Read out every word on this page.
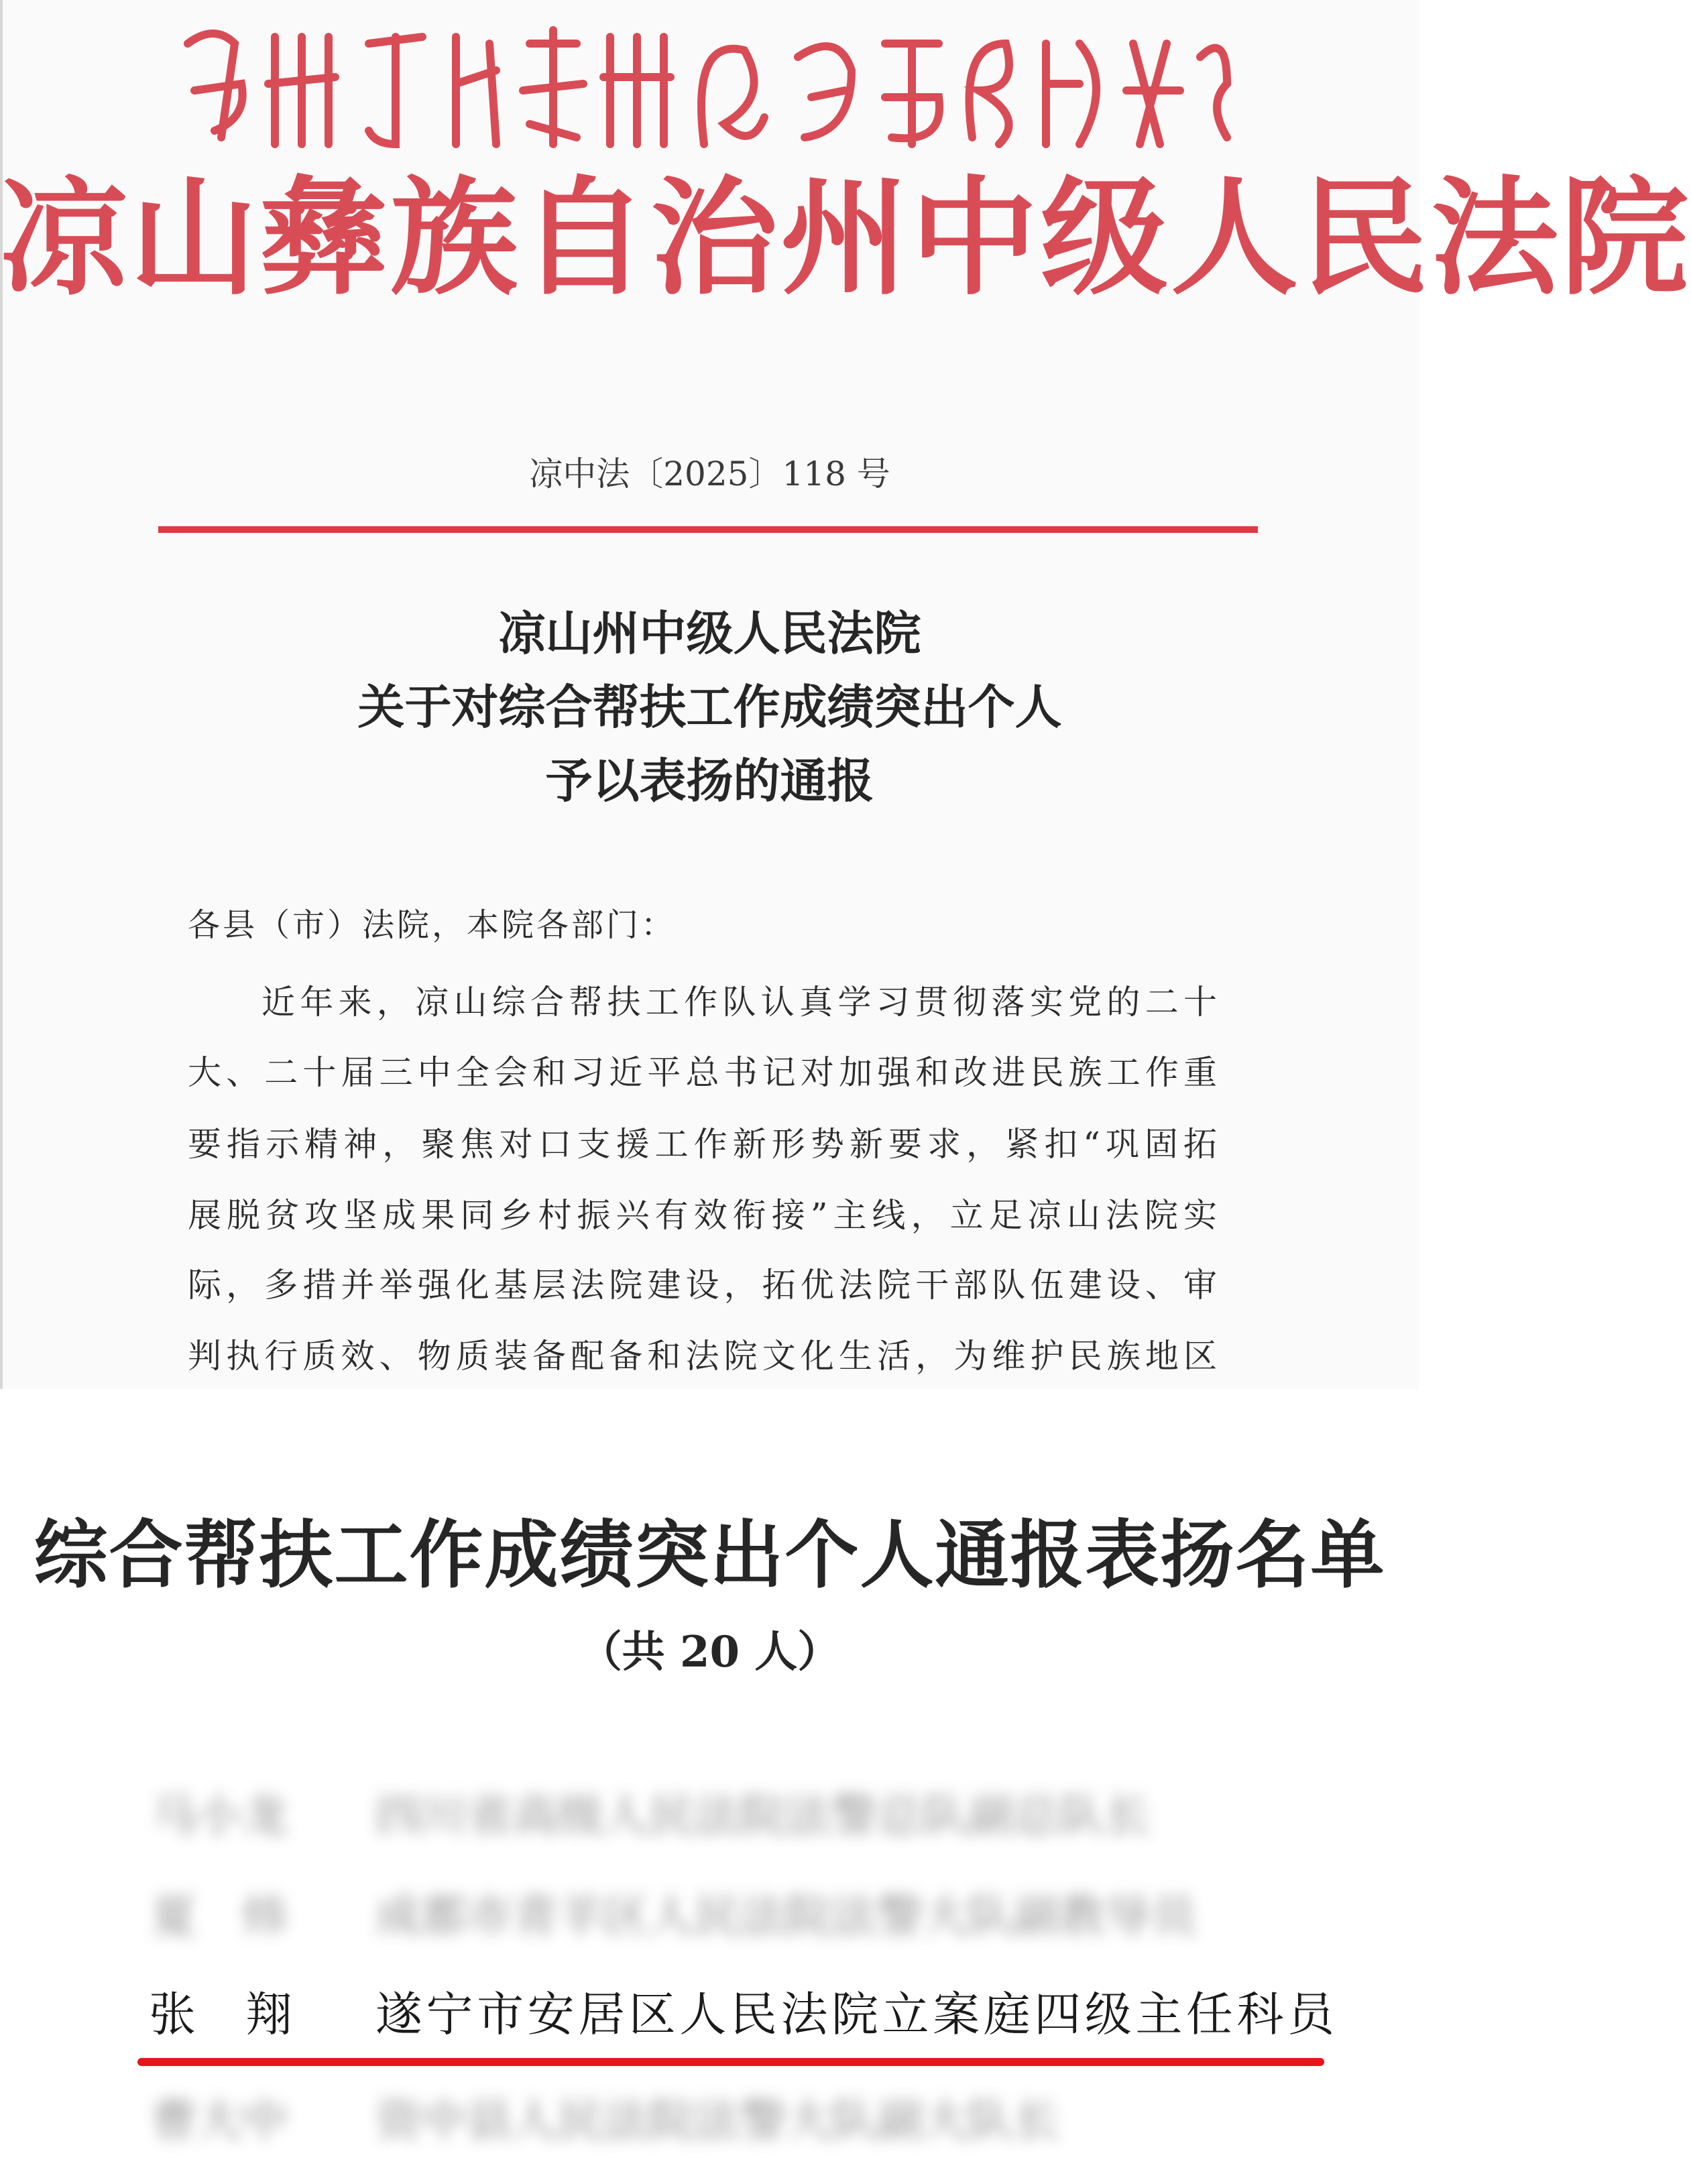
凉山彝族自治州中级人民法院
凉中法〔2025〕118 号
凉山州中级人民法院
关于对综合帮扶工作成绩突出个人
予以表扬的通报
各县（市）法院，本院各部门：
近年来，凉山综合帮扶工作队认真学习贯彻落实党的二十
大、二十届三中全会和习近平总书记对加强和改进民族工作重
要指示精神，聚焦对口支援工作新形势新要求，紧扣“巩固拓
展脱贫攻坚成果同乡村振兴有效衔接”主线，立足凉山法院实
际，多措并举强化基层法院建设，拓优法院干部队伍建设、审
判执行质效、物质装备配备和法院文化生活，为维护民族地区
综合帮扶工作成绩突出个人通报表扬名单
（共 20 人）
马小龙 四川省高级人民法院法警总队副总队长
夏　炜 成都市青羊区人民法院法警大队副教导员
张　翔 遂宁市安居区人民法院立案庭四级主任科员
曹大中 资中县人民法院法警大队副大队长
